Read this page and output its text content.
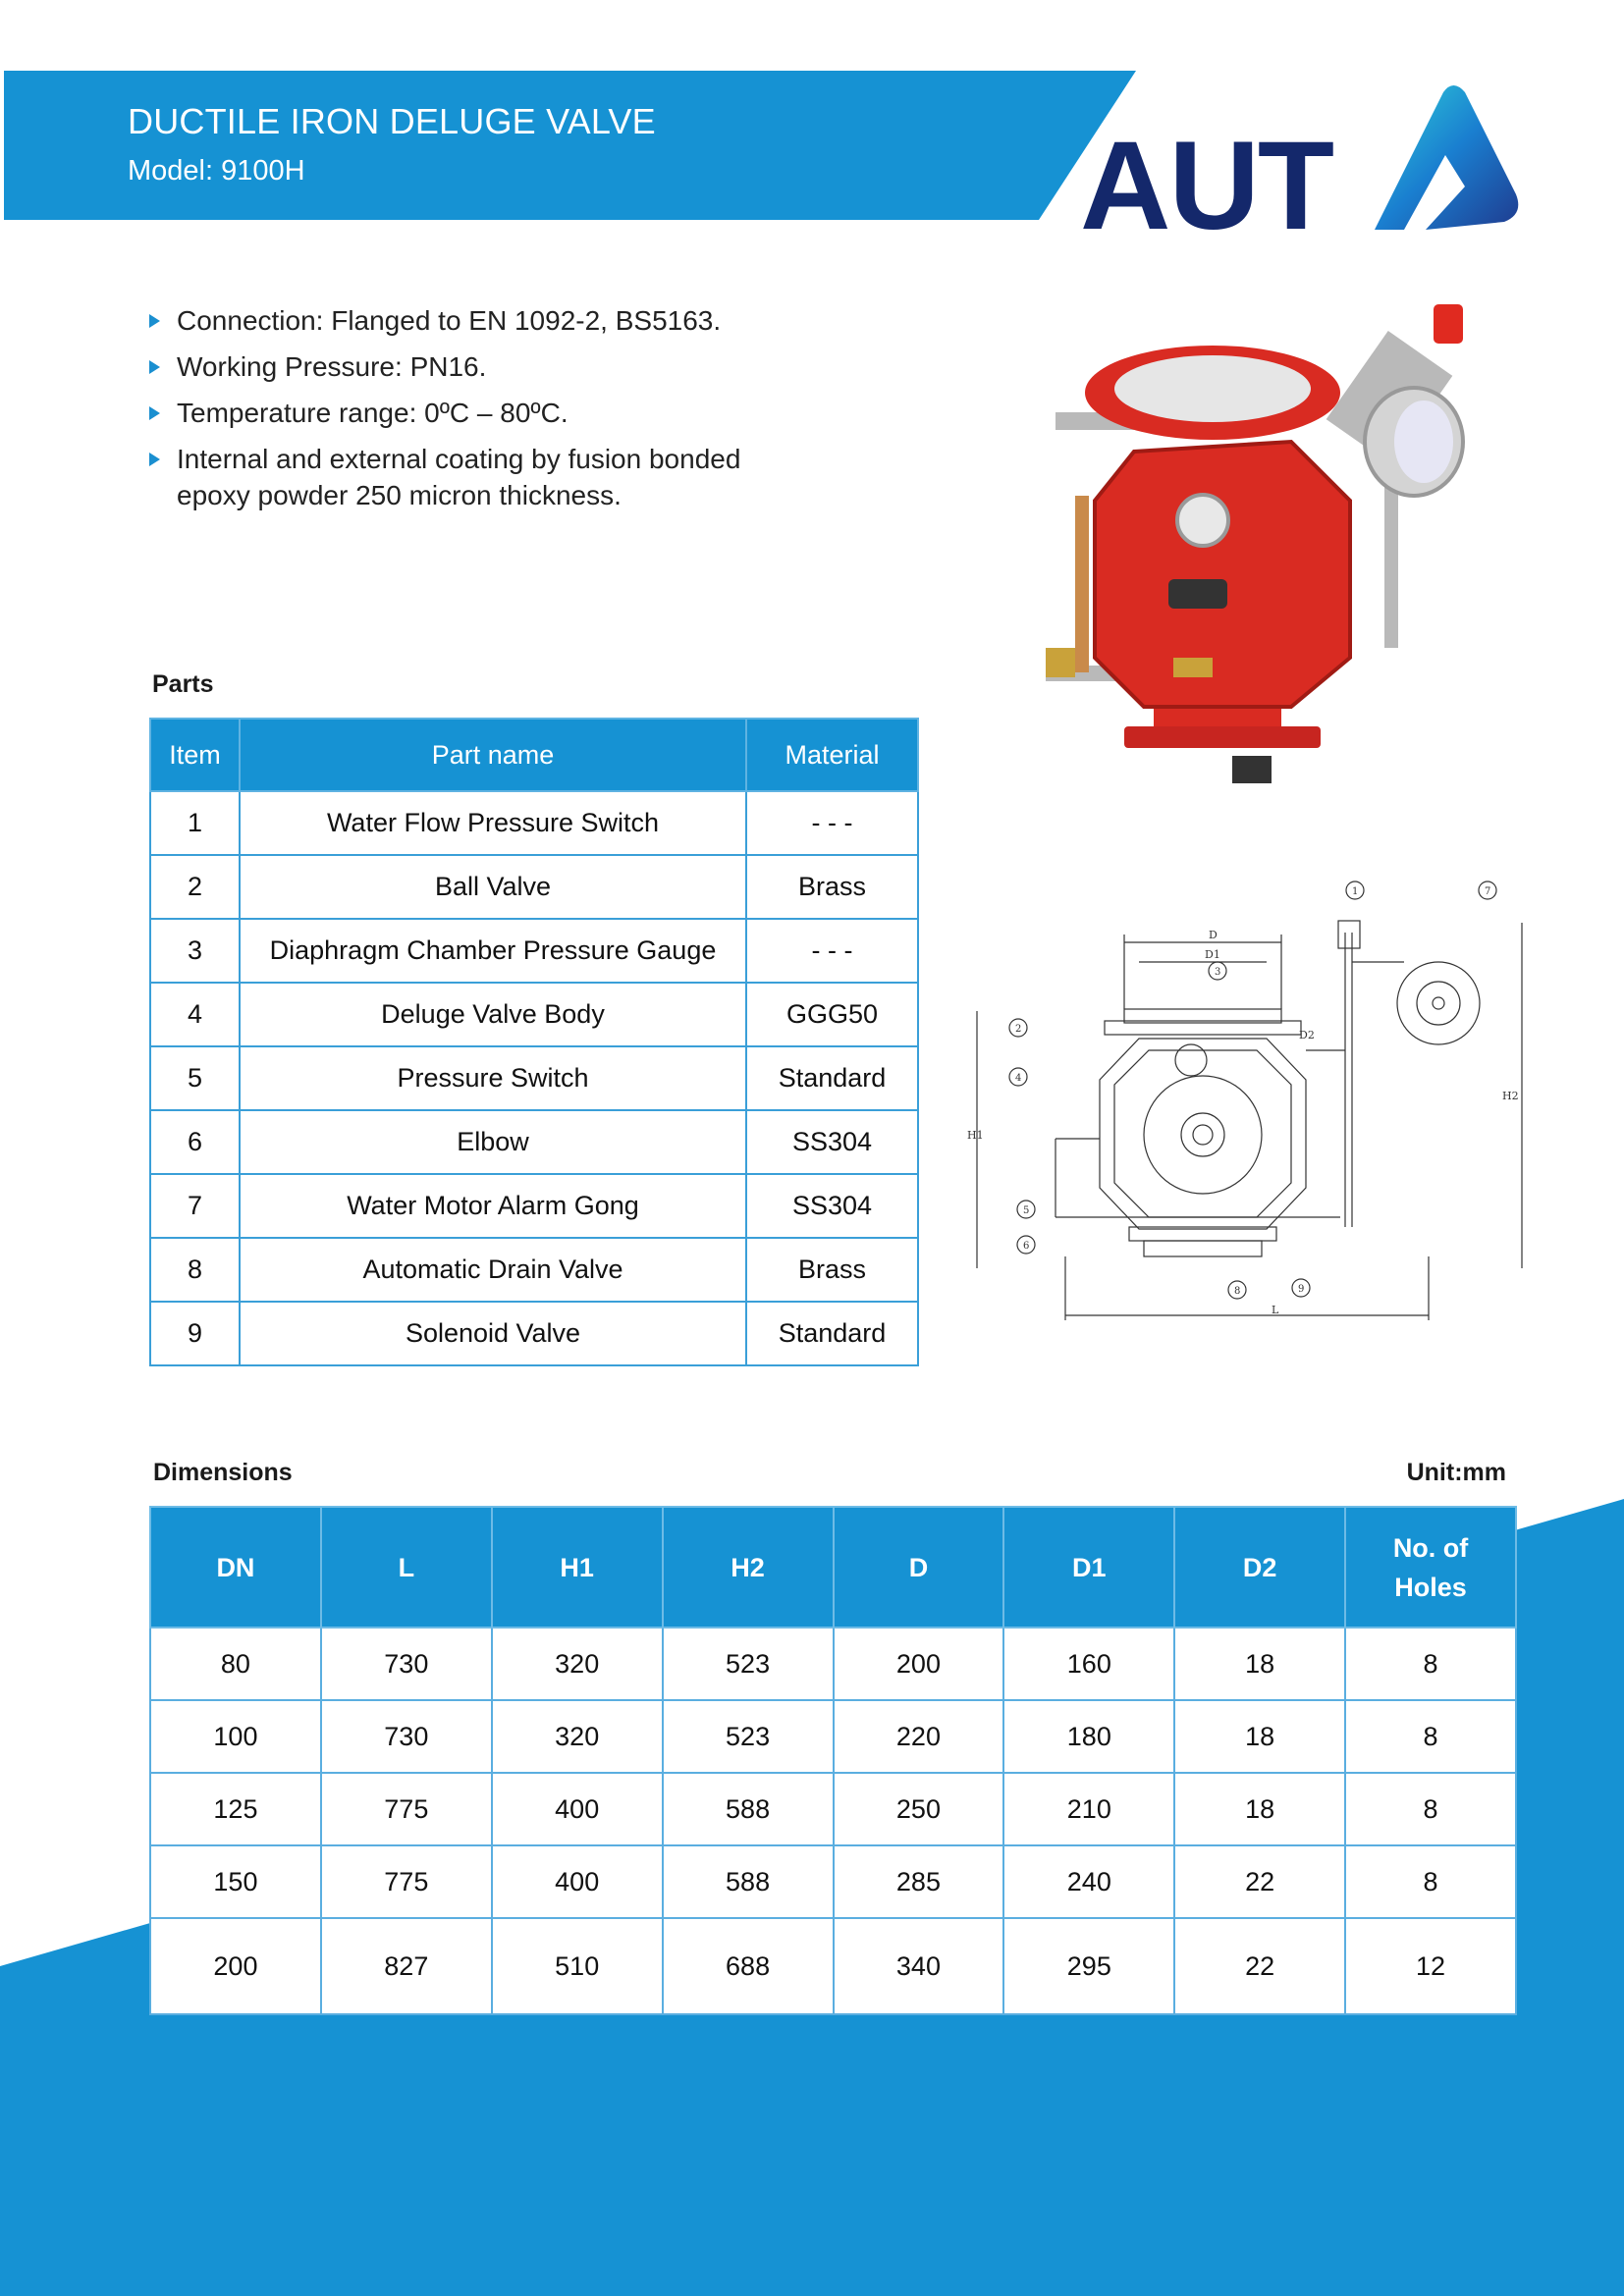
DUCTILE IRON DELUGE VALVE
Model: 9100H	AUT
Connection: Flanged to EN 1092-2, BS5163.
Working Pressure: PN16.
Temperature range: 0ºC – 80ºC.
Internal and external coating by fusion bonded epoxy powder 250 micron thickness.
D
D1
D2
H1
H2
L
1
2
3
4
5
6
7
8	9
Parts
Item	Part name	Material
1	Water Flow Pressure Switch	- - -
2	Ball Valve	Brass
3	Diaphragm Chamber Pressure Gauge	- - -
4	Deluge Valve Body	GGG50
5	Pressure Switch	Standard
6	Elbow	SS304
7	Water Motor Alarm Gong	SS304
8	Automatic Drain Valve	Brass
9	Solenoid Valve	Standard
Dimensions	Unit:mm
DN	L	H1	H2	D	D1	D2	No. of Holes
80	730	320	523	200	160	18	8
100	730	320	523	220	180	18	8
125	775	400	588	250	210	18	8
150	775	400	588	285	240	22	8
200	827	510	688	340	295	22	12
